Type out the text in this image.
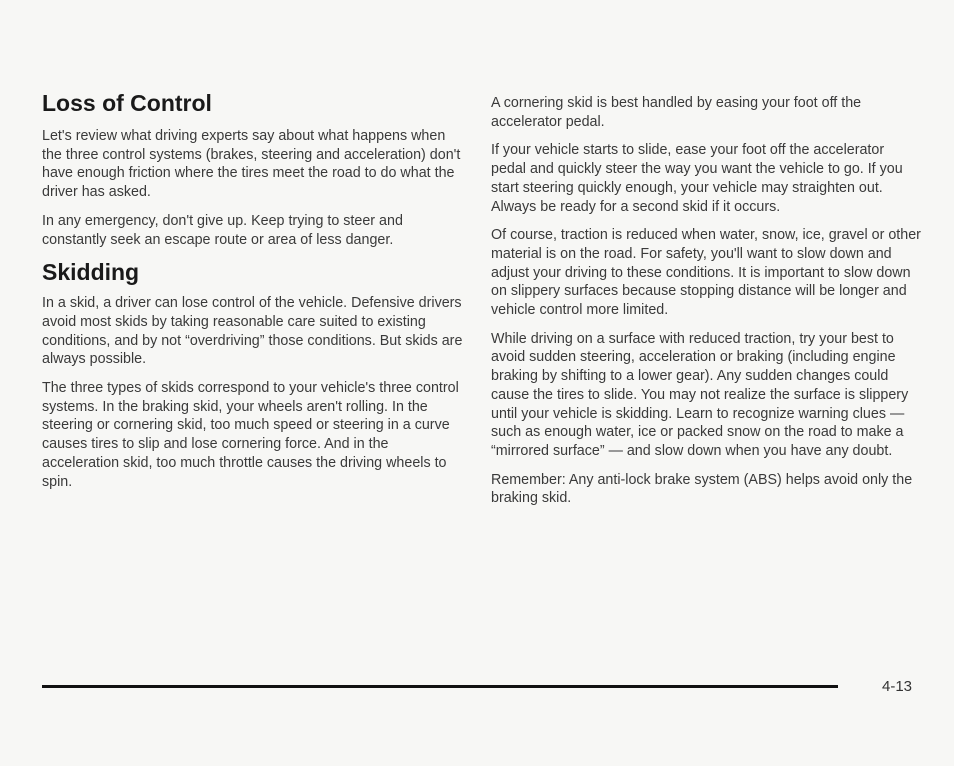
Loss of Control

Let's review what driving experts say about what happens when the three control systems (brakes, steering and acceleration) don't have enough friction where the tires meet the road to do what the driver has asked.

In any emergency, don't give up. Keep trying to steer and constantly seek an escape route or area of less danger.

Skidding

In a skid, a driver can lose control of the vehicle. Defensive drivers avoid most skids by taking reasonable care suited to existing conditions, and by not “overdriving” those conditions. But skids are always possible.

The three types of skids correspond to your vehicle's three control systems. In the braking skid, your wheels aren't rolling. In the steering or cornering skid, too much speed or steering in a curve causes tires to slip and lose cornering force. And in the acceleration skid, too much throttle causes the driving wheels to spin.

A cornering skid is best handled by easing your foot off the accelerator pedal.

If your vehicle starts to slide, ease your foot off the accelerator pedal and quickly steer the way you want the vehicle to go. If you start steering quickly enough, your vehicle may straighten out. Always be ready for a second skid if it occurs.

Of course, traction is reduced when water, snow, ice, gravel or other material is on the road. For safety, you'll want to slow down and adjust your driving to these conditions. It is important to slow down on slippery surfaces because stopping distance will be longer and vehicle control more limited.

While driving on a surface with reduced traction, try your best to avoid sudden steering, acceleration or braking (including engine braking by shifting to a lower gear). Any sudden changes could cause the tires to slide. You may not realize the surface is slippery until your vehicle is skidding. Learn to recognize warning clues — such as enough water, ice or packed snow on the road to make a “mirrored surface” — and slow down when you have any doubt.

Remember: Any anti-lock brake system (ABS) helps avoid only the braking skid.

4-13
